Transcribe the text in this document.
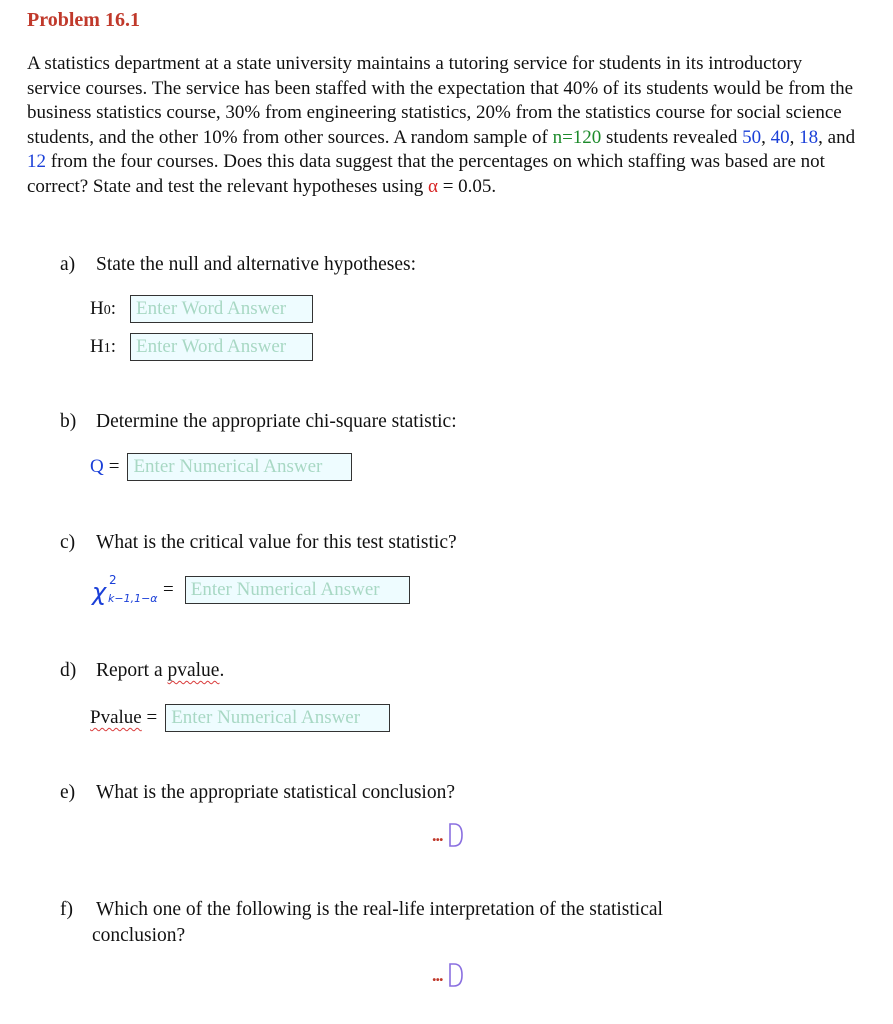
Problem 16.1
A statistics department at a state university maintains a tutoring service for students in its introductory service courses. The service has been staffed with the expectation that 40% of its students would be from the business statistics course, 30% from engineering statistics, 20% from the statistics course for social science students, and the other 10% from other sources. A random sample of n=120 students revealed 50, 40, 18, and 12 from the four courses. Does this data suggest that the percentages on which staffing was based are not correct? State and test the relevant hypotheses using α = 0.05.
a) State the null and alternative hypotheses:
H0:
Enter Word Answer
H1:
Enter Word Answer
b) Determine the appropriate chi-square statistic:
Q =
Enter Numerical Answer
c) What is the critical value for this test statistic?
χ 2
k−1,1−α =
Enter Numerical Answer
d) Report a pvalue.
Pvalue =
Enter Numerical Answer
e) What is the appropriate statistical conclusion?
...
f) Which one of the following is the real-life interpretation of the statistical
conclusion?
...
